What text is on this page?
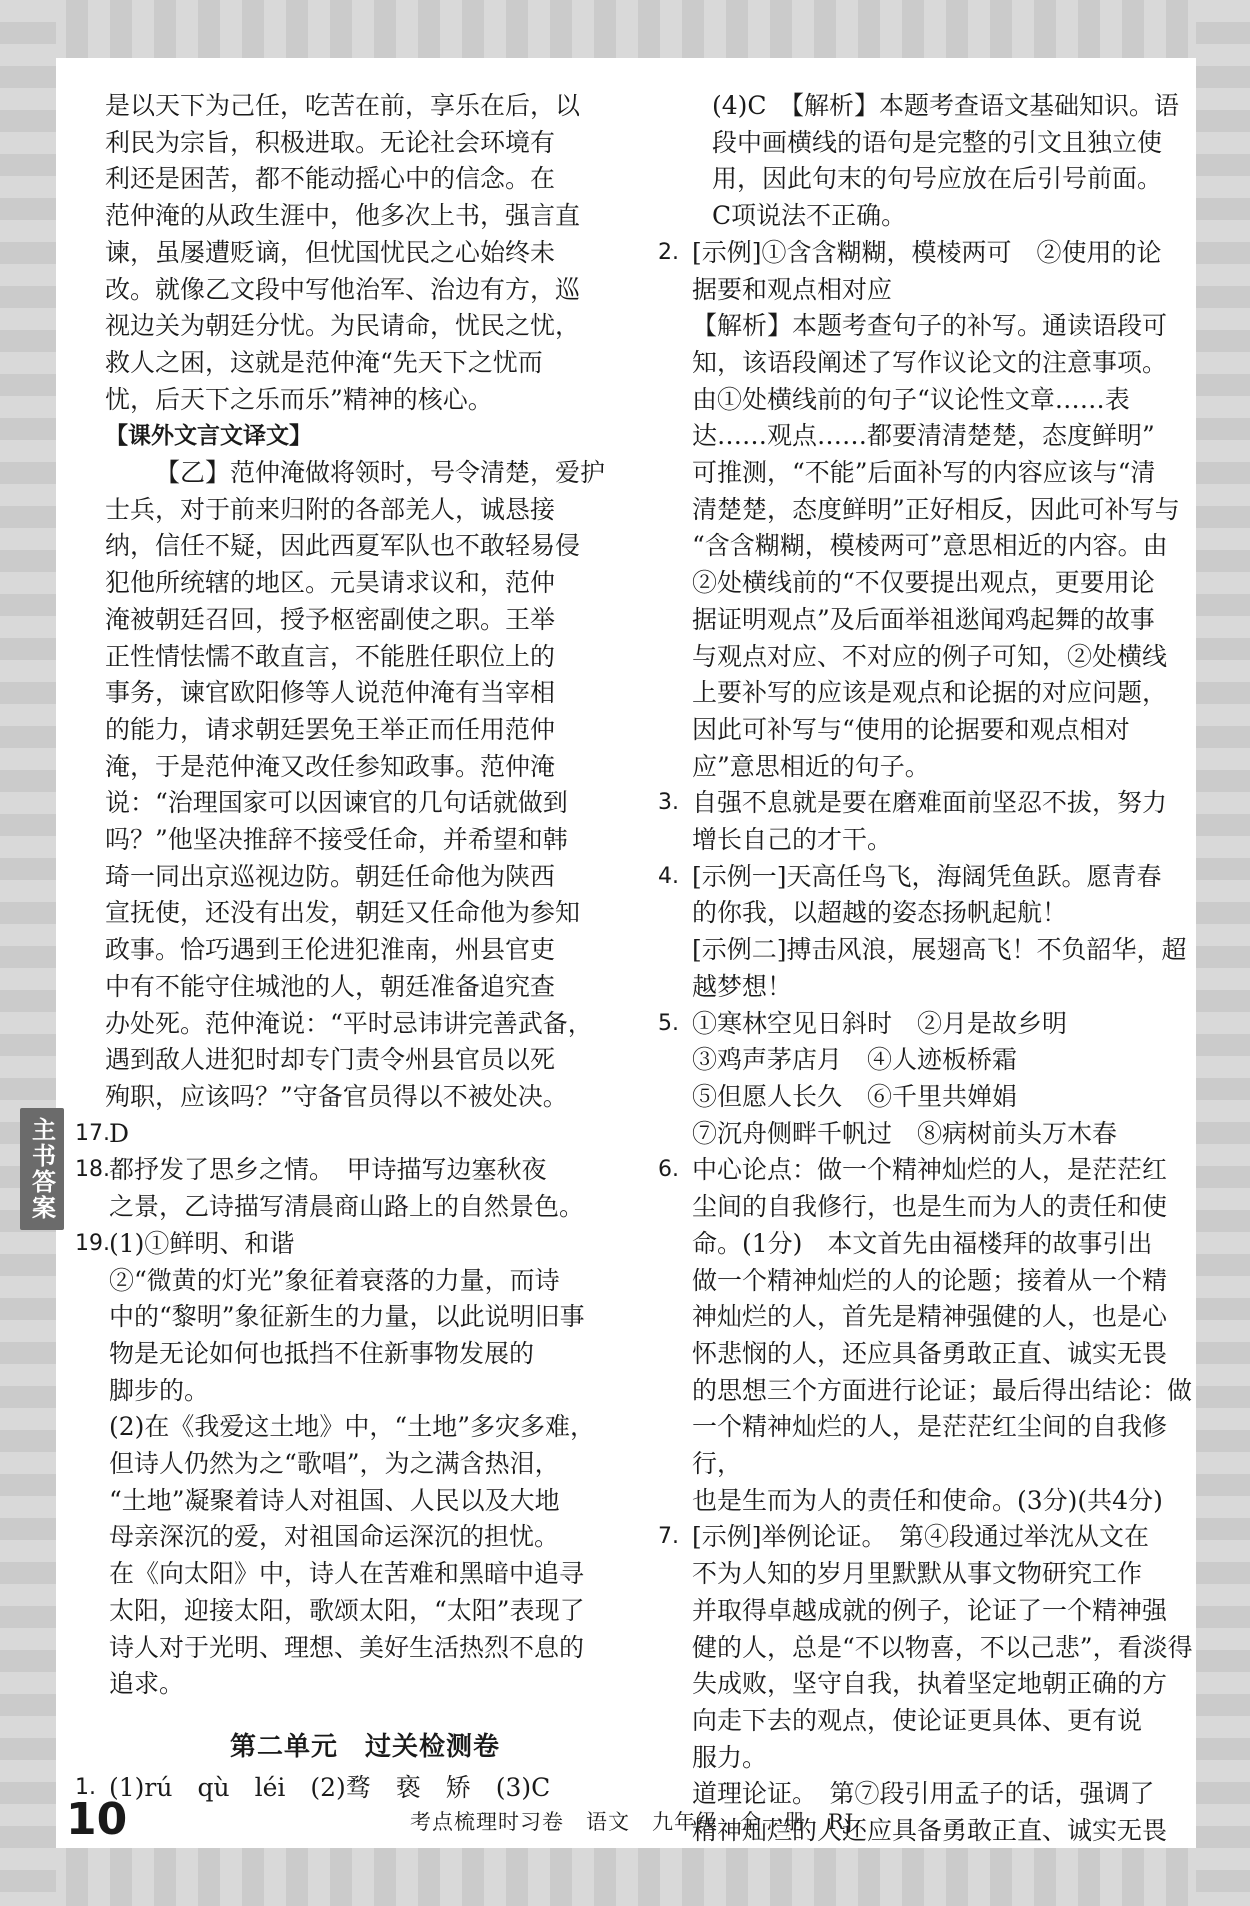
是以天下为己任，吃苦在前，享乐在后，以
利民为宗旨，积极进取。无论社会环境有
利还是困苦，都不能动摇心中的信念。在
范仲淹的从政生涯中，他多次上书，强言直
谏，虽屡遭贬谪，但忧国忧民之心始终未
改。就像乙文段中写他治军、治边有方，巡
视边关为朝廷分忧。为民请命，忧民之忧，
救人之困，这就是范仲淹“先天下之忧而
忧，后天下之乐而乐”精神的核心。
【课外文言文译文】
【乙】范仲淹做将领时，号令清楚，爱护
士兵，对于前来归附的各部羌人，诚恳接
纳，信任不疑，因此西夏军队也不敢轻易侵
犯他所统辖的地区。元昊请求议和，范仲
淹被朝廷召回，授予枢密副使之职。王举
正性情怯懦不敢直言，不能胜任职位上的
事务，谏官欧阳修等人说范仲淹有当宰相
的能力，请求朝廷罢免王举正而任用范仲
淹，于是范仲淹又改任参知政事。范仲淹
说：“治理国家可以因谏官的几句话就做到
吗？”他坚决推辞不接受任命，并希望和韩
琦一同出京巡视边防。朝廷任命他为陕西
宣抚使，还没有出发，朝廷又任命他为参知
政事。恰巧遇到王伦进犯淮南，州县官吏
中有不能守住城池的人，朝廷准备追究查
办处死。范仲淹说：“平时忌讳讲完善武备，
遇到敌人进犯时却专门责令州县官员以死
殉职，应该吗？”守备官员得以不被处决。
17. D
18. 都抒发了思乡之情。　甲诗描写边塞秋夜
之景，乙诗描写清晨商山路上的自然景色。
19. (1)①鲜明、和谐
②“微黄的灯光”象征着衰落的力量，而诗
中的“黎明”象征新生的力量，以此说明旧事
物是无论如何也抵挡不住新事物发展的
脚步的。
(2)在《我爱这土地》中，“土地”多灾多难，
但诗人仍然为之“歌唱”，为之满含热泪，
“土地”凝聚着诗人对祖国、人民以及大地
母亲深沉的爱，对祖国命运深沉的担忧。
在《向太阳》中，诗人在苦难和黑暗中追寻
太阳，迎接太阳，歌颂太阳，“太阳”表现了
诗人对于光明、理想、美好生活热烈不息的
追求。
第二单元　过关检测卷
1. (1)rú　qù　léi　(2)骛　亵　矫　(3)C
(4)C　【解析】本题考查语文基础知识。语
段中画横线的语句是完整的引文且独立使
用，因此句末的句号应放在后引号前面。
C项说法不正确。
2. [示例]①含含糊糊，模棱两可　②使用的论
据要和观点相对应
【解析】本题考查句子的补写。通读语段可
知，该语段阐述了写作议论文的注意事项。
由①处横线前的句子“议论性文章……表
达……观点……都要清清楚楚，态度鲜明”
可推测，“不能”后面补写的内容应该与“清
清楚楚，态度鲜明”正好相反，因此可补写与
“含含糊糊，模棱两可”意思相近的内容。由
②处横线前的“不仅要提出观点，更要用论
据证明观点”及后面举祖逖闻鸡起舞的故事
与观点对应、不对应的例子可知，②处横线
上要补写的应该是观点和论据的对应问题，
因此可补写与“使用的论据要和观点相对
应”意思相近的句子。
3. 自强不息就是要在磨难面前坚忍不拔，努力
增长自己的才干。
4. [示例一]天高任鸟飞，海阔凭鱼跃。愿青春
的你我，以超越的姿态扬帆起航！
[示例二]搏击风浪，展翅高飞！不负韶华，超
越梦想！
5. ①寒林空见日斜时　②月是故乡明
③鸡声茅店月　④人迹板桥霜
⑤但愿人长久　⑥千里共婵娟
⑦沉舟侧畔千帆过　⑧病树前头万木春
6. 中心论点：做一个精神灿烂的人，是茫茫红
尘间的自我修行，也是生而为人的责任和使
命。(1分)　本文首先由福楼拜的故事引出
做一个精神灿烂的人的论题；接着从一个精
神灿烂的人，首先是精神强健的人，也是心
怀悲悯的人，还应具备勇敢正直、诚实无畏
的思想三个方面进行论证；最后得出结论：做
一个精神灿烂的人，是茫茫红尘间的自我修行，
也是生而为人的责任和使命。(3分)(共4分)
7. [示例]举例论证。　第④段通过举沈从文在
不为人知的岁月里默默从事文物研究工作
并取得卓越成就的例子，论证了一个精神强
健的人，总是“不以物喜，不以己悲”，看淡得
失成败，坚守自我，执着坚定地朝正确的方
向走下去的观点，使论证更具体、更有说
服力。
道理论证。　第⑦段引用孟子的话，强调了
精神灿烂的人还应具备勇敢正直、诚实无畏
主书答案
10	考点梳理时习卷　语文　九年级　全一册　RJ
